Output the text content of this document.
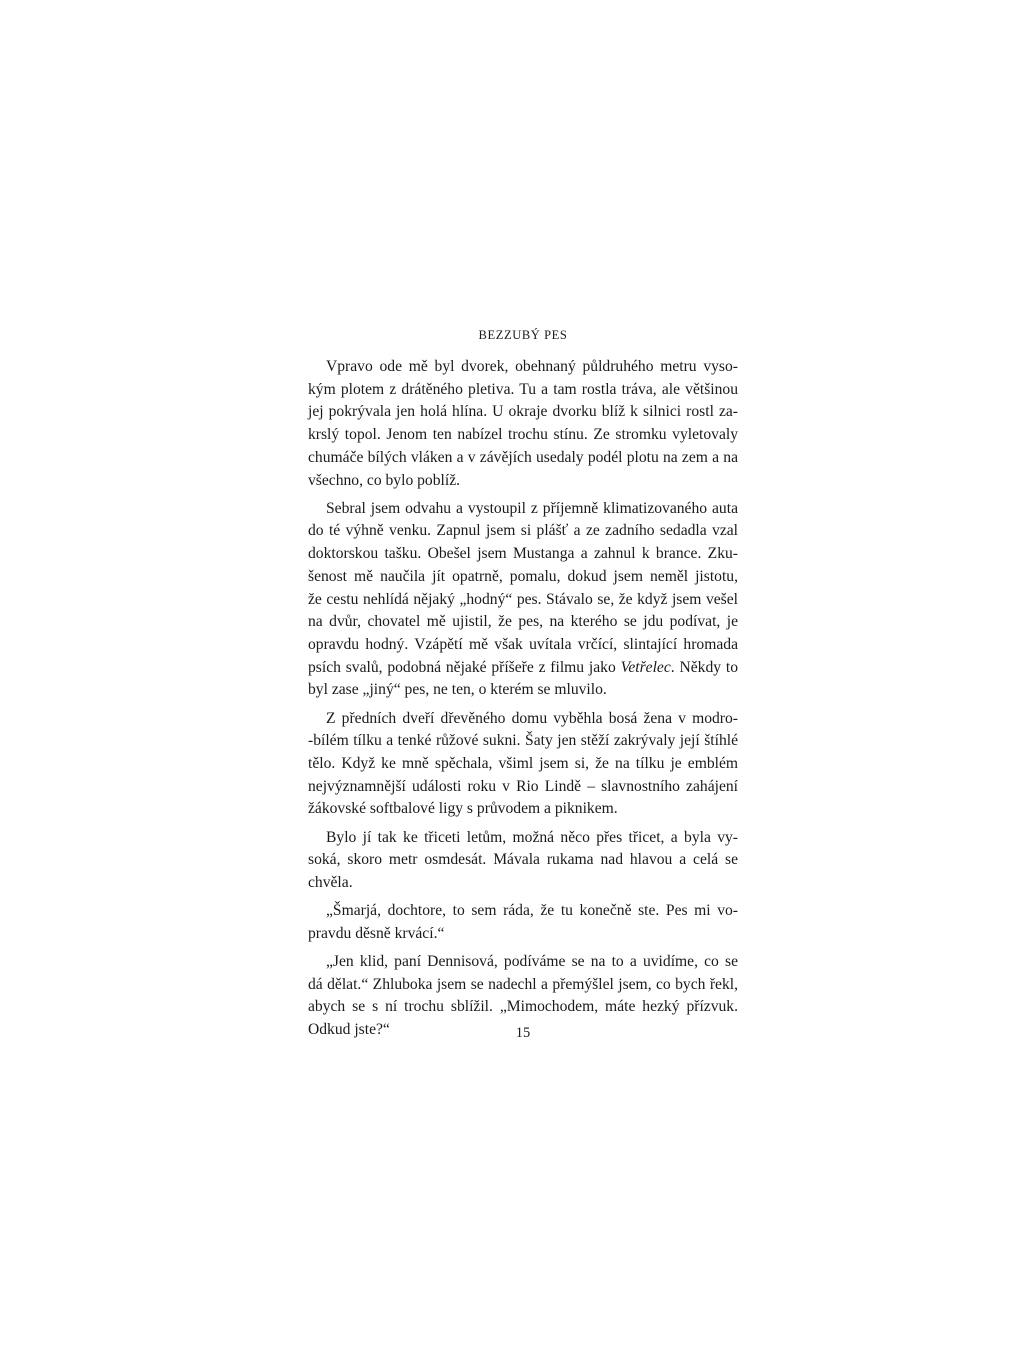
BEZZUBÝ PES

Vpravo ode mě byl dvorek, obehnaný půldruhého metru vyso-
kým plotem z drátěného pletiva. Tu a tam rostla tráva, ale většinou
jej pokrývala jen holá hlína. U okraje dvorku blíž k silnici rostl za-
krslý topol. Jenom ten nabízel trochu stínu. Ze stromku vyletovaly
chumáče bílých vláken a v závějích usedaly podél plotu na zem a na
všechno, co bylo poblíž.

Sebral jsem odvahu a vystoupil z příjemně klimatizovaného auta
do té výhně venku. Zapnul jsem si plášť a ze zadního sedadla vzal
doktorskou tašku. Obešel jsem Mustanga a zahnul k brance. Zku-
šenost mě naučila jít opatrně, pomalu, dokud jsem neměl jistotu,
že cestu nehlídá nějaký „hodný“ pes. Stávalo se, že když jsem vešel
na dvůr, chovatel mě ujistil, že pes, na kterého se jdu podívat, je
opravdu hodný. Vzápětí mě však uvítala vrčící, slintající hromada
psích svalů, podobná nějaké příšeře z filmu jako Vetřelec. Někdy to
byl zase „jiný“ pes, ne ten, o kterém se mluvilo.

Z předních dveří dřevěného domu vyběhla bosá žena v modro-
-bílém tílku a tenké růžové sukni. Šaty jen stěží zakrývaly její štíhlé
tělo. Když ke mně spěchala, všiml jsem si, že na tílku je emblém
nejvýznamnější události roku v Rio Lindě – slavnostního zahájení
žákovské softbalové ligy s průvodem a piknikem.

Bylo jí tak ke třiceti letům, možná něco přes třicet, a byla vy-
soká, skoro metr osmdesát. Mávala rukama nad hlavou a celá se
chvěla.

„Šmarjá, dochtore, to sem ráda, že tu konečně ste. Pes mi vo-
pravdu děsně krvácí.“

„Jen klid, paní Dennisová, podíváme se na to a uvidíme, co se
dá dělat.“ Zhluboka jsem se nadechl a přemýšlel jsem, co bych řekl,
abych se s ní trochu sblížil. „Mimochodem, máte hezký přízvuk.
Odkud jste?“	15
